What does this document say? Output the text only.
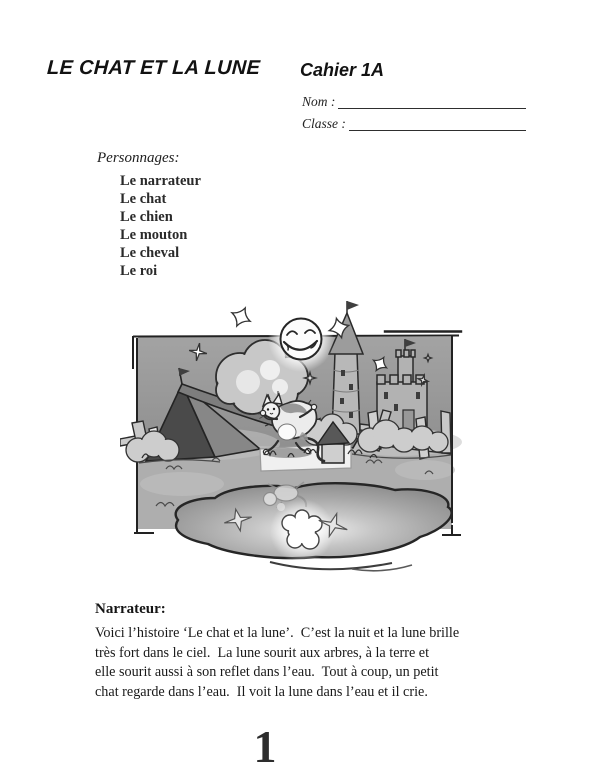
LE CHAT ET LA LUNE Cahier 1A
Nom :
Classe :
Personnages:
Le narrateur
Le chat
Le chien
Le mouton
Le cheval
Le roi
Narrateur:
Voici l’histoire ‘Le chat et la lune’.  C’est la nuit et la lune brille
très fort dans le ciel.  La lune sourit aux arbres, à la terre et
elle sourit aussi à son reflet dans l’eau.  Tout à coup, un petit
chat regarde dans l’eau.  Il voit la lune dans l’eau et il crie.
1
